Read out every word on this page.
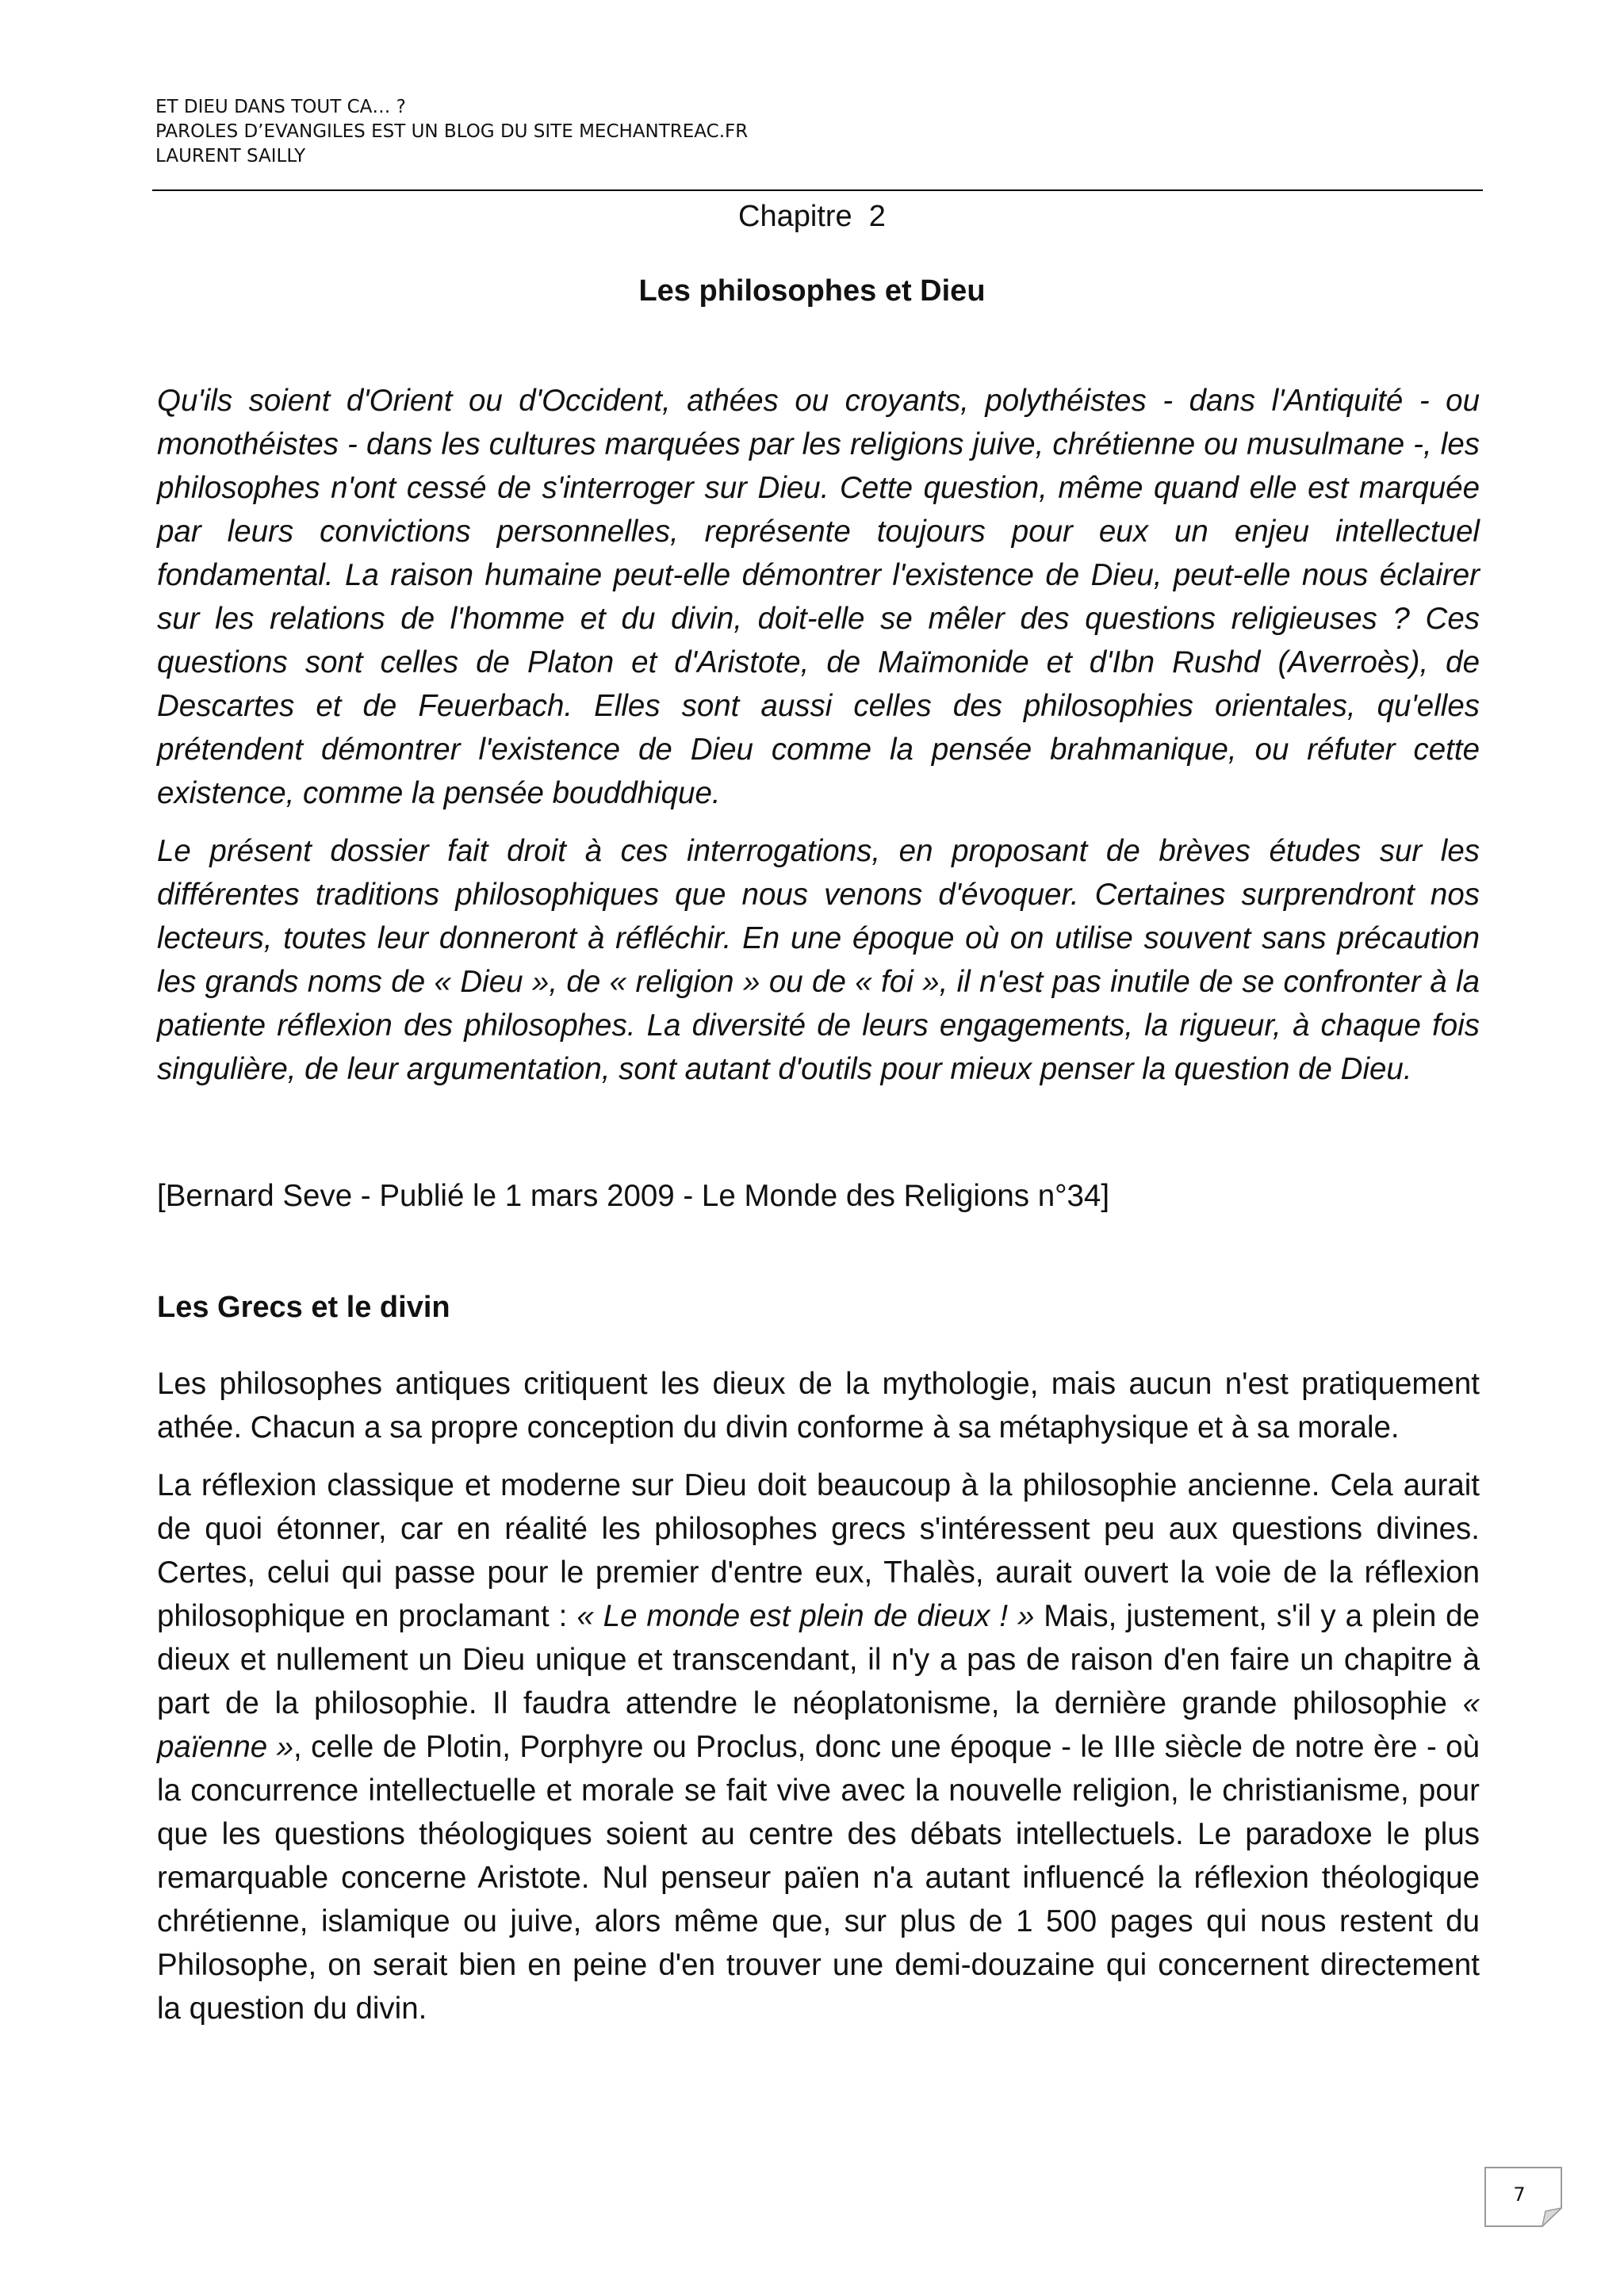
ET DIEU DANS TOUT CA… ?
PAROLES D’EVANGILES EST UN BLOG DU SITE MECHANTREAC.FR
LAURENT SAILLY
Chapitre  2
Les philosophes et Dieu

Qu'ils soient d'Orient ou d'Occident, athées ou croyants, polythéistes - dans l'Antiquité - ou monothéistes - dans les cultures marquées par les religions juive, chrétienne ou musulmane -, les philosophes n'ont cessé de s'interroger sur Dieu. Cette question, même quand elle est marquée par leurs convictions personnelles, représente toujours pour eux un enjeu intellectuel fondamental. La raison humaine peut-elle démontrer l'existence de Dieu, peut-elle nous éclairer sur les relations de l'homme et du divin, doit-elle se mêler des questions religieuses ? Ces questions sont celles de Platon et d'Aristote, de Maïmonide et d'Ibn Rushd (Averroès), de Descartes et de Feuerbach. Elles sont aussi celles des philosophies orientales, qu'elles prétendent démontrer l'existence de Dieu comme la pensée brahmanique, ou réfuter cette existence, comme la pensée bouddhique.

Le présent dossier fait droit à ces interrogations, en proposant de brèves études sur les différentes traditions philosophiques que nous venons d'évoquer. Certaines surprendront nos lecteurs, toutes leur donneront à réfléchir. En une époque où on utilise souvent sans précaution les grands noms de « Dieu », de « religion » ou de « foi », il n'est pas inutile de se confronter à la patiente réflexion des philosophes. La diversité de leurs engagements, la rigueur, à chaque fois singulière, de leur argumentation, sont autant d'outils pour mieux penser la question de Dieu.

[Bernard Seve - Publié le 1 mars 2009 - Le Monde des Religions n°34]

Les Grecs et le divin

Les philosophes antiques critiquent les dieux de la mythologie, mais aucun n'est pratiquement athée. Chacun a sa propre conception du divin conforme à sa métaphysique et à sa morale.

La réflexion classique et moderne sur Dieu doit beaucoup à la philosophie ancienne. Cela aurait de quoi étonner, car en réalité les philosophes grecs s'intéressent peu aux questions divines. Certes, celui qui passe pour le premier d'entre eux, Thalès, aurait ouvert la voie de la réflexion philosophique en proclamant : « Le monde est plein de dieux ! » Mais, justement, s'il y a plein de dieux et nullement un Dieu unique et transcendant, il n'y a pas de raison d'en faire un chapitre à part de la philosophie. Il faudra attendre le néoplatonisme, la dernière grande philosophie « païenne », celle de Plotin, Porphyre ou Proclus, donc une époque - le IIIe siècle de notre ère - où la concurrence intellectuelle et morale se fait vive avec la nouvelle religion, le christianisme, pour que les questions théologiques soient au centre des débats intellectuels. Le paradoxe le plus remarquable concerne Aristote. Nul penseur païen n'a autant influencé la réflexion théologique chrétienne, islamique ou juive, alors même que, sur plus de 1 500 pages qui nous restent du Philosophe, on serait bien en peine d'en trouver une demi-douzaine qui concernent directement la question du divin.

7
